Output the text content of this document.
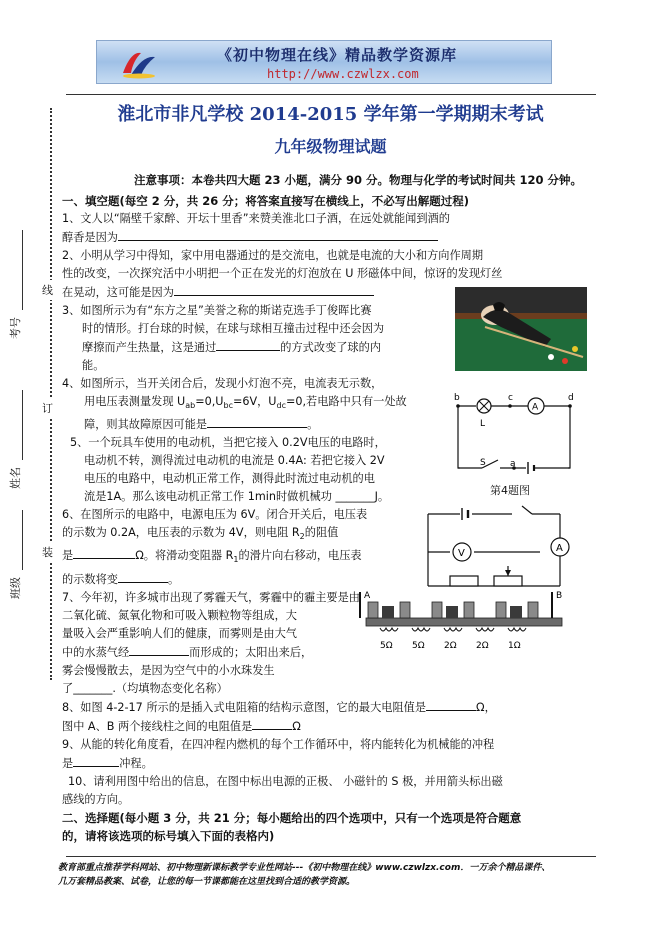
《初中物理在线》精品教学资源库
http://www.czwlzx.com
淮北市非凡学校 2014-2015 学年第一学期期末考试
九年级物理试题
注意事项：本卷共四大题 23 小题，满分 90 分。物理与化学的考试时间共 120 分钟。
线
订
装
考号
姓名
班级

一、填空题(每空 2 分，共 26 分；将答案直接写在横线上，不必写出解题过程)

1、文人以“隔壁千家醉、开坛十里香”来赞美淮北口子酒，在远处就能闻到酒的

醇香是因为

2、小明从学习中得知，家中用电器通过的是交流电，也就是电流的大小和方向作周期

性的改变，一次探究活中小明把一个正在发光的灯泡放在 U 形磁体中间，惊讶的发现灯丝

在晃动，这可能是因为

3、如图所示为有“东方之星”美誉之称的斯诺克选手丁俊晖比赛

时的情形。打台球的时候，在球与球相互撞击过程中还会因为

摩擦而产生热量，这是通过	的方式改变了球的内

能。

4、如图所示，当开关闭合后，发现小灯泡不亮，电流表无示数，

用电压表测量发现 $U_{ab}=0,U_{bc}=6V$，$U_{dc}=0$,若电路中只有一处故

障，则其故障原因可能是	。

5、一个玩具车使用的电动机，当把它接入 0.2V电压的电路时，

电动机不转，测得流过电动机的电流是 0.4A: 若把它接入 2V

电压的电路中，电动机正常工作，测得此时流过电动机的电

流是1A。那么该电动机正常工作 1min时做机械功 _______J。

6、在图所示的电路中，电源电压为 6V。闭合开关后，电压表

的示数为 0.2A，电压表的示数为 4V，则电阻 $R_2$的阻值

是	Ω。将滑动变阻器 $R_1$的滑片向右移动，电压表

的示数将变	。

7、今年初，许多城市出现了雾霾天气，雾霾中的霾主要是由

二氧化硫、氮氧化物和可吸入颗粒物等组成，大

量吸入会严重影响人们的健康，而雾则是由大气

中的水蒸气经	而形成的；太阳出来后，

雾会慢慢散去，是因为空气中的小水珠发生

了_______.（均填物态变化名称）

8、如图 4-2-17 所示的是插入式电阻箱的结构示意图，它的最大电阻值是	Ω，

图中 A、B 两个接线柱之间的电阻值是	Ω

9、从能的转化角度看，在四冲程内燃机的每个工作循环中，将内能转化为机械能的冲程

是	冲程。

10、请利用图中给出的信息，在图中标出电源的正极、 小磁针的 S 极，并用箭头标出磁

感线的方向。

二、选择题(每小题 3 分，共 21 分；每小题给出的四个选项中，只有一个选项是符合题意

的，请将该选项的标号填入下面的表格内)

b	c	d
a
S
L
A
第4题图
V	A
A	B
5Ω 5Ω 2Ω 2Ω 1Ω
教育部重点推荐学科网站、初中物理新课标教学专业性网站---《初中物理在线》www.czwlzx.com．一万余个精品课件、
几万套精品教案、试卷，让您的每一节课都能在这里找到合适的教学资源。
